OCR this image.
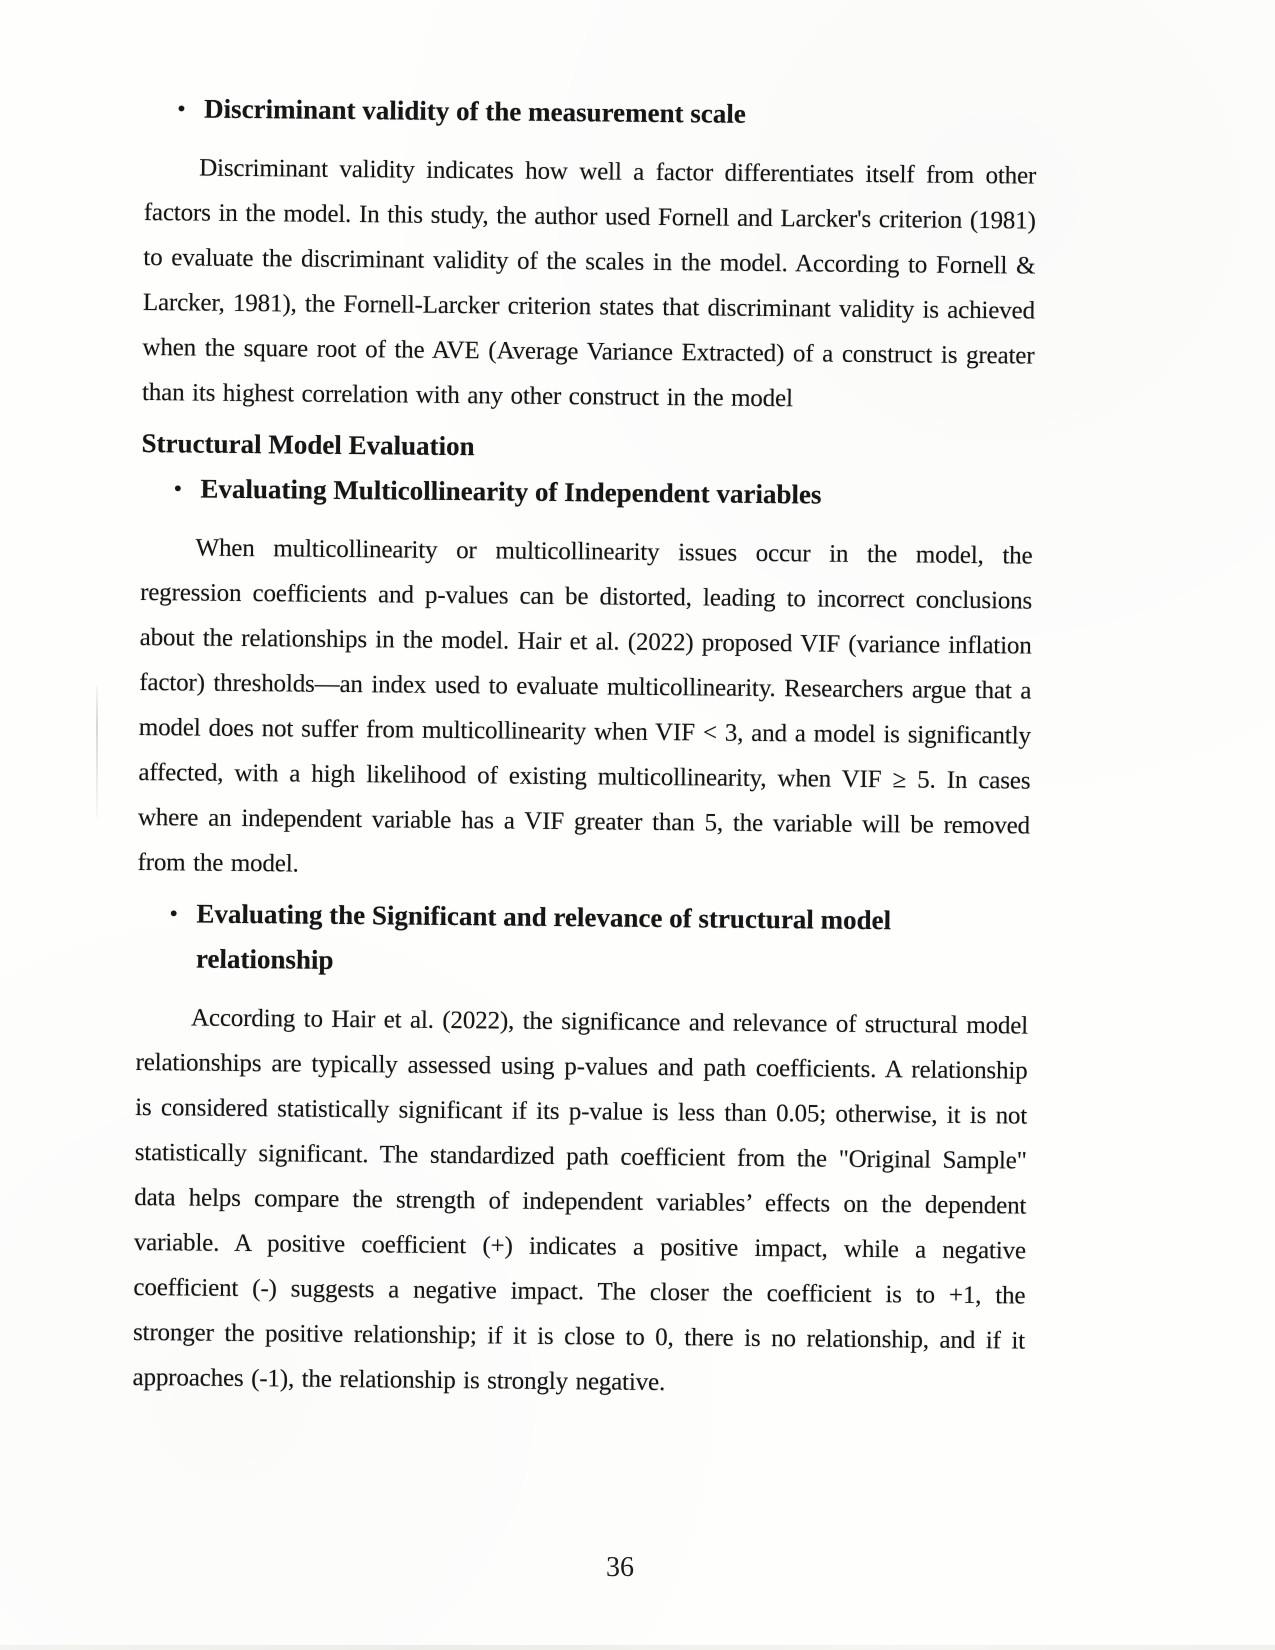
• Discriminant validity of the measurement scale

Discriminant validity indicates how well a factor differentiates itself from other factors in the model. In this study, the author used Fornell and Larcker's criterion (1981) to evaluate the discriminant validity of the scales in the model. According to Fornell & Larcker, 1981), the Fornell-Larcker criterion states that discriminant validity is achieved when the square root of the AVE (Average Variance Extracted) of a construct is greater than its highest correlation with any other construct in the model

Structural Model Evaluation
• Evaluating Multicollinearity of Independent variables

When multicollinearity or multicollinearity issues occur in the model, the regression coefficients and p-values can be distorted, leading to incorrect conclusions about the relationships in the model. Hair et al. (2022) proposed VIF (variance inflation factor) thresholds—an index used to evaluate multicollinearity. Researchers argue that a model does not suffer from multicollinearity when VIF < 3, and a model is significantly affected, with a high likelihood of existing multicollinearity, when VIF ≥ 5. In cases where an independent variable has a VIF greater than 5, the variable will be removed from the model.

• Evaluating the Significant and relevance of structural model relationship

According to Hair et al. (2022), the significance and relevance of structural model relationships are typically assessed using p-values and path coefficients. A relationship is considered statistically significant if its p-value is less than 0.05; otherwise, it is not statistically significant. The standardized path coefficient from the "Original Sample" data helps compare the strength of independent variables’ effects on the dependent variable. A positive coefficient (+) indicates a positive impact, while a negative coefficient (-) suggests a negative impact. The closer the coefficient is to +1, the stronger the positive relationship; if it is close to 0, there is no relationship, and if it approaches (-1), the relationship is strongly negative.

36
